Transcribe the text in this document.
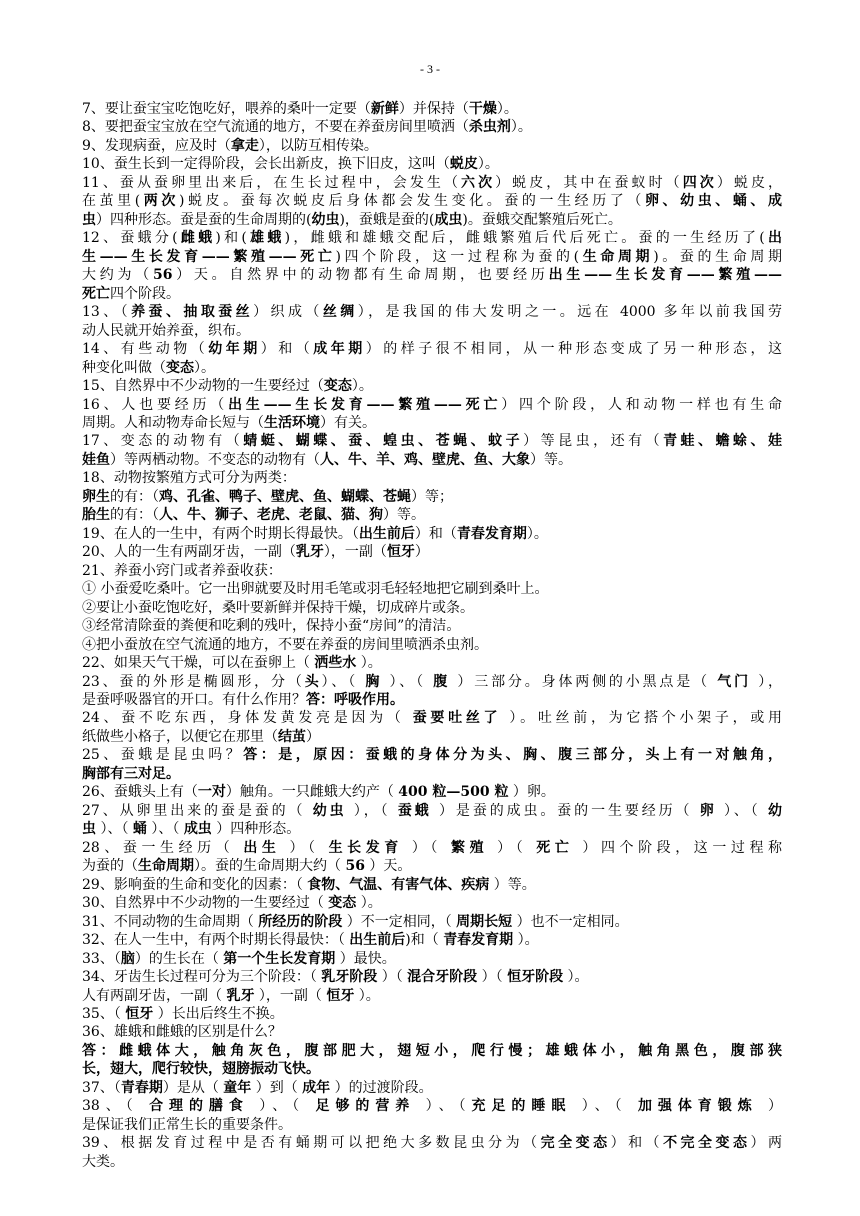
- 3 -
7、要让蚕宝宝吃饱吃好，喂养的桑叶一定要（新鲜）并保持（干燥）。
8、要把蚕宝宝放在空气流通的地方，不要在养蚕房间里喷洒（杀虫剂）。
9、发现病蚕，应及时（拿走），以防互相传染。
10、蚕生长到一定得阶段，会长出新皮，换下旧皮，这叫（蜕皮）。
11、蚕从蚕卵里出来后，在生长过程中，会发生（六次）蜕皮，其中在蚕蚁时（四次）蜕皮，
在茧里(两次)蜕皮。蚕每次蜕皮后身体都会发生变化。蚕的一生经历了（卵、幼虫、蛹、成
虫）四种形态。蚕是蚕的生命周期的(幼虫)，蚕蛾是蚕的(成虫)。蚕蛾交配繁殖后死亡。
12、蚕蛾分(雌蛾)和(雄蛾)，雌蛾和雄蛾交配后，雌蛾繁殖后代后死亡。蚕的一生经历了(出
生——生长发育——繁殖——死亡)四个阶段，这一过程称为蚕的(生命周期)。蚕的生命周期
大约为（56）天。自然界中的动物都有生命周期，也要经历出生——生长发育——繁殖——
死亡四个阶段。
13、（养蚕、抽取蚕丝）织成（丝绸），是我国的伟大发明之一。远在 4000 多年以前我国劳
动人民就开始养蚕，织布。
14、有些动物（幼年期）和（成年期）的样子很不相同，从一种形态变成了另一种形态，这
种变化叫做（变态）。
15、自然界中不少动物的一生要经过（变态）。
16、人也要经历（出生——生长发育——繁殖——死亡）四个阶段，人和动物一样也有生命
周期。人和动物寿命长短与（生活环境）有关。
17、变态的动物有（蜻蜓、蝴蝶、蚕、蝗虫、苍蝇、蚊子）等昆虫，还有（青蛙、蟾蜍、娃
娃鱼）等两栖动物。不变态的动物有（人、牛、羊、鸡、壁虎、鱼、大象）等。
18、动物按繁殖方式可分为两类：
卵生的有：（鸡、孔雀、鸭子、壁虎、鱼、蝴蝶、苍蝇）等；
胎生的有：（人、牛、狮子、老虎、老鼠、猫、狗）等。
19、在人的一生中，有两个时期长得最快。（出生前后）和（青春发育期）。
20、人的一生有两副牙齿，一副（乳牙），一副（恒牙）
21、养蚕小窍门或者养蚕收获：
① 小蚕爱吃桑叶。它一出卵就要及时用毛笔或羽毛轻轻地把它刷到桑叶上。
②要让小蚕吃饱吃好，桑叶要新鲜并保持干燥，切成碎片或条。
③经常清除蚕的粪便和吃剩的残叶，保持小蚕“房间”的清洁。
④把小蚕放在空气流通的地方，不要在养蚕的房间里喷洒杀虫剂。
22、如果天气干燥，可以在蚕卵上（ 洒些水 ）。
23、蚕的外形是椭圆形，分（头）、（ 胸 ）、（ 腹 ）三部分。身体两侧的小黑点是（ 气门 ），
是蚕呼吸器官的开口。有什么作用？答：呼吸作用。
24、蚕不吃东西，身体发黄发亮是因为（ 蚕要吐丝了 ）。吐丝前，为它搭个小架子，或用
纸做些小格子，以便它在那里（结茧）
25、蚕蛾是昆虫吗？答：是，原因：蚕蛾的身体分为头、胸、腹三部分，头上有一对触角，
胸部有三对足。
26、蚕蛾头上有（一对）触角。一只雌蛾大约产（ 400 粒—500 粒 ）卵。
27、从卵里出来的蚕是蚕的（ 幼虫 ），（ 蚕蛾 ）是蚕的成虫。蚕的一生要经历（ 卵 ）、（ 幼
虫 ）、（ 蛹 ）、（ 成虫 ）四种形态。
28、蚕一生经历（ 出生 ）（ 生长发育 ）（ 繁殖 ）（ 死亡 ）四个阶段，这一过程称
为蚕的（生命周期）。蚕的生命周期大约（ 56 ）天。
29、影响蚕的生命和变化的因素：（ 食物、气温、有害气体、疾病 ）等。
30、自然界中不少动物的一生要经过（ 变态 ）。
31、不同动物的生命周期（ 所经历的阶段 ）不一定相同，（ 周期长短 ）也不一定相同。
32、在人一生中，有两个时期长得最快：（ 出生前后)和（ 青春发育期 ）。
33、（脑）的生长在（ 第一个生长发育期 ）最快。
34、牙齿生长过程可分为三个阶段：（ 乳牙阶段 ）（ 混合牙阶段 ）（ 恒牙阶段 ）。
人有两副牙齿，一副（ 乳牙 ），一副（ 恒牙 ）。
35、（ 恒牙 ）长出后终生不换。
36、雄蛾和雌蛾的区别是什么？
答：雌蛾体大，触角灰色，腹部肥大，翅短小，爬行慢；雄蛾体小，触角黑色，腹部狭
长，翅大，爬行较快，翅膀振动飞快。
37、（青春期）是从（ 童年 ）到（ 成年 ）的过渡阶段。
38、（ 合理的膳食 ）、（ 足够的营养 ）、（充足的睡眠 ）、（ 加强体育锻炼 ）
是保证我们正常生长的重要条件。
39、根据发育过程中是否有蛹期可以把绝大多数昆虫分为（完全变态）和（不完全变态）两
大类。
